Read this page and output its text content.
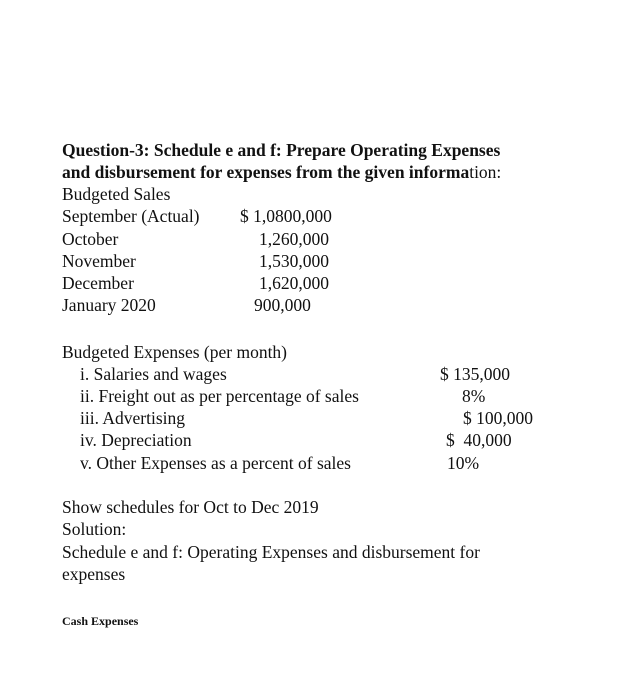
Question-3: Schedule e and f: Prepare Operating Expenses
and disbursement for expenses from the given information:
Budgeted Sales
September (Actual) $ 1,0800,000
October	1,260,000
November	1,530,000
December	1,620,000
January 2020	900,000
Budgeted Expenses (per month)
i. Salaries and wages	$ 135,000
ii. Freight out as per percentage of sales	8%
iii. Advertising	$ 100,000
iv. Depreciation	$  40,000
v. Other Expenses as a percent of sales	10%
Show schedules for Oct to Dec 2019
Solution:
Schedule e and f: Operating Expenses and disbursement for
expenses
Cash Expenses
